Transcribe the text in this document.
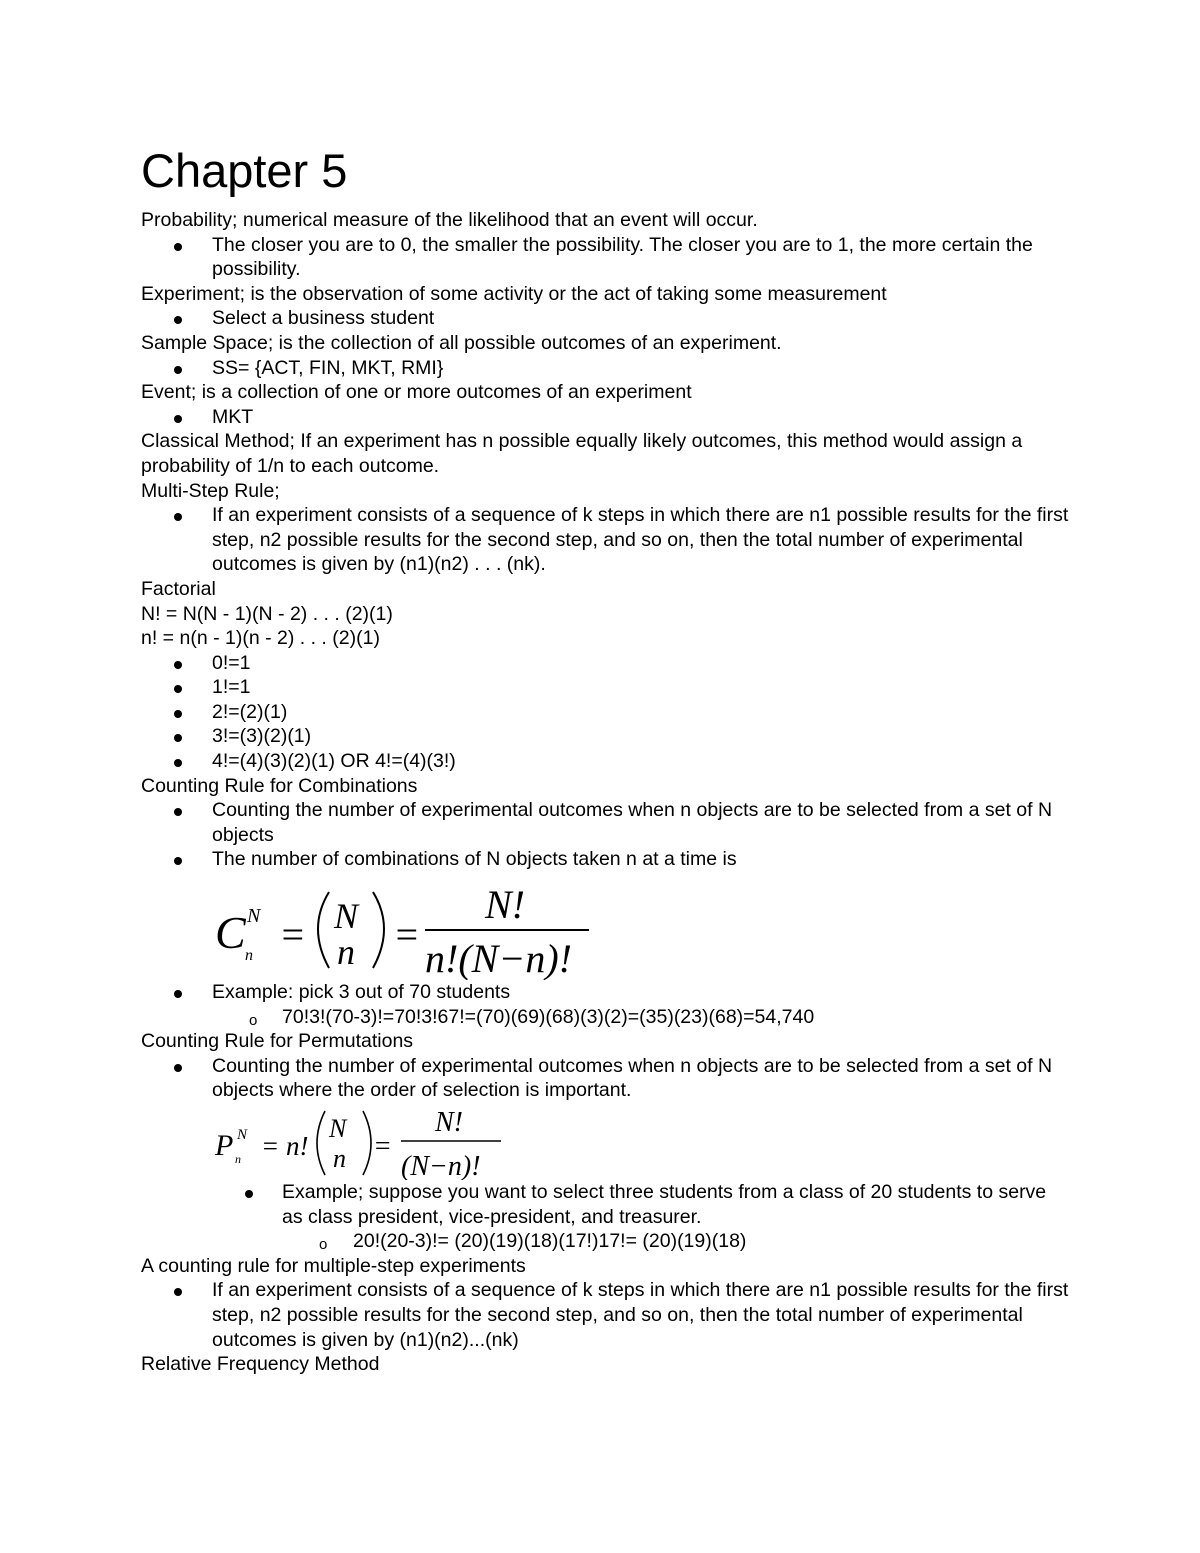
Chapter 5

Probability; numerical measure of the likelihood that an event will occur.

The closer you are to 0, the smaller the possibility. The closer you are to 1, the more certain the possibility.

Experiment; is the observation of some activity or the act of taking some measurement

Select a business student

Sample Space; is the collection of all possible outcomes of an experiment.

SS= {ACT, FIN, MKT, RMI}

Event; is a collection of one or more outcomes of an experiment

MKT

Classical Method; If an experiment has n possible equally likely outcomes, this method would assign a probability of 1/n to each outcome.

Multi-Step Rule;

If an experiment consists of a sequence of k steps in which there are n1 possible results for the first step, n2 possible results for the second step, and so on, then the total number of experimental outcomes is given by (n1)(n2) . . . (nk).

Factorial

N! = N(N - 1)(N - 2) . . . (2)(1)

n! = n(n - 1)(n - 2) . . . (2)(1)

0!=1

1!=1

2!=(2)(1)

3!=(3)(2)(1)

4!=(4)(3)(2)(1) OR 4!=(4)(3!)

Counting Rule for Combinations

Counting the number of experimental outcomes when n objects are to be selected from a set of N objects

The number of combinations of N objects taken n at a time is

C N
n = N
n =
N!
n!(N−n)!

Example: pick 3 out of 70 students

o 70!3!(70-3)!=70!3!67!=(70)(69)(68)(3)(2)=(35)(23)(68)=54,740

Counting Rule for Permutations

Counting the number of experimental outcomes when n objects are to be selected from a set of N objects where the order of selection is important.

P N
n = n!
N
n =
N!
(N−n)!

Example; suppose you want to select three students from a class of 20 students to serve as class president, vice-president, and treasurer.

o 20!(20-3)!= (20)(19)(18)(17!)17!= (20)(19)(18)

A counting rule for multiple-step experiments

If an experiment consists of a sequence of k steps in which there are n1 possible results for the first step, n2 possible results for the second step, and so on, then the total number of experimental outcomes is given by (n1)(n2)...(nk)

Relative Frequency Method
